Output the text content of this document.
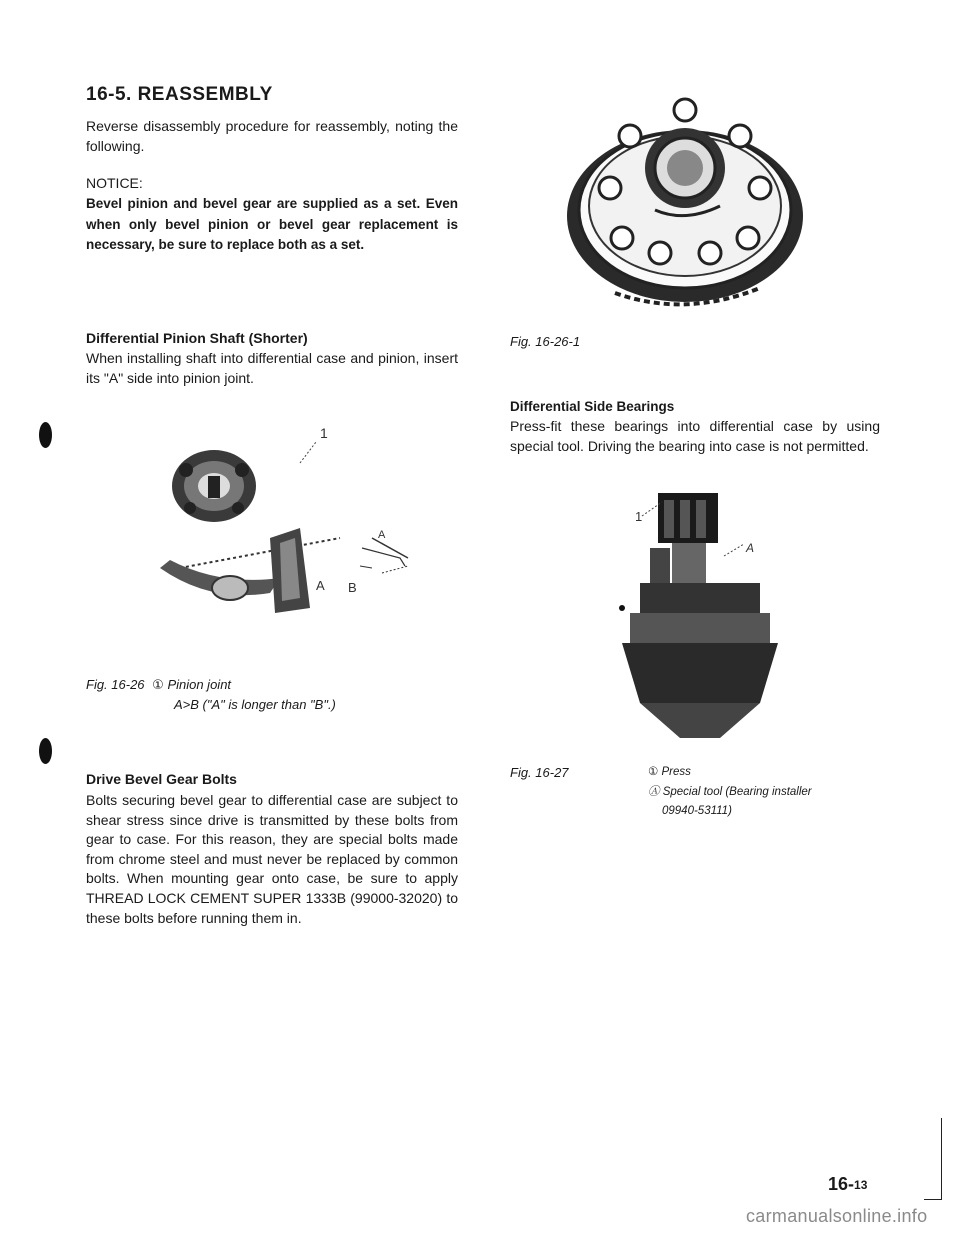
16-5. REASSEMBLY
Reverse disassembly procedure for reassembly, noting the following.
NOTICE:
Bevel pinion and bevel gear are supplied as a set. Even when only bevel pinion or bevel gear replacement is necessary, be sure to replace both as a set.
Differential Pinion Shaft (Shorter)
When installing shaft into differential case and pinion, insert its "A" side into pinion joint.
1
A
A B
Fig. 16-26 ① Pinion joint
A>B ("A" is longer than "B".)
Drive Bevel Gear Bolts
Bolts securing bevel gear to differential case are subject to shear stress since drive is transmitted by these bolts from gear to case. For this reason, they are special bolts made from chrome steel and must never be replaced by common bolts. When mounting gear onto case, be sure to apply THREAD LOCK CEMENT SUPER 1333B (99000-32020) to these bolts before running them in.
Fig. 16-26-1
Differential Side Bearings
Press-fit these bearings into differential case by using special tool. Driving the bearing into case is not permitted.
1
A
Fig. 16-27	① Press
Ⓐ Special tool (Bearing installer
09940-53111)
$16-_{13}$
carmanualsonline.info
